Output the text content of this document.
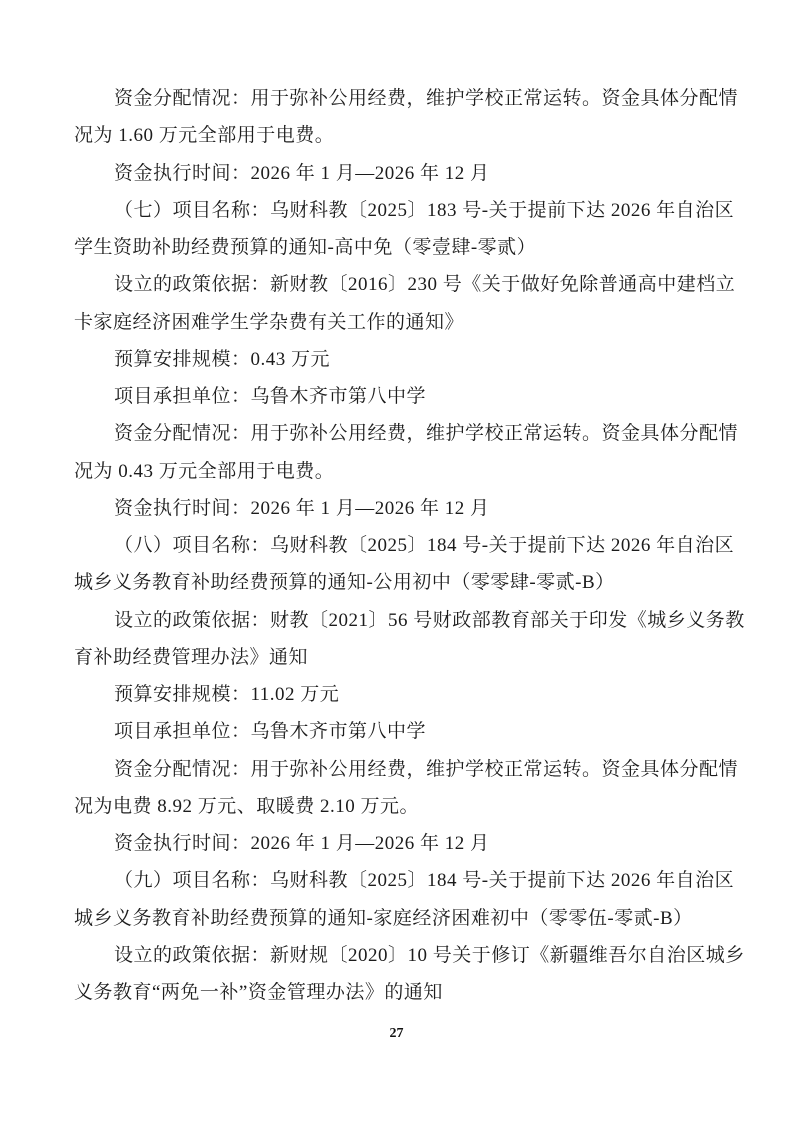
资金分配情况：用于弥补公用经费，维护学校正常运转。资金具体分配情
况为 1.60 万元全部用于电费。
资金执行时间：2026 年 1 月—2026 年 12 月
（七）项目名称：乌财科教〔2025〕183 号-关于提前下达 2026 年自治区
学生资助补助经费预算的通知-高中免（零壹肆-零贰）
设立的政策依据：新财教〔2016〕230 号《关于做好免除普通高中建档立
卡家庭经济困难学生学杂费有关工作的通知》
预算安排规模：0.43 万元
项目承担单位：乌鲁木齐市第八中学
资金分配情况：用于弥补公用经费，维护学校正常运转。资金具体分配情
况为 0.43 万元全部用于电费。
资金执行时间：2026 年 1 月—2026 年 12 月
（八）项目名称：乌财科教〔2025〕184 号-关于提前下达 2026 年自治区
城乡义务教育补助经费预算的通知-公用初中（零零肆-零贰-B）
设立的政策依据：财教〔2021〕56 号财政部教育部关于印发《城乡义务教
育补助经费管理办法》通知
预算安排规模：11.02 万元
项目承担单位：乌鲁木齐市第八中学
资金分配情况：用于弥补公用经费，维护学校正常运转。资金具体分配情
况为电费 8.92 万元、取暖费 2.10 万元。
资金执行时间：2026 年 1 月—2026 年 12 月
（九）项目名称：乌财科教〔2025〕184 号-关于提前下达 2026 年自治区
城乡义务教育补助经费预算的通知-家庭经济困难初中（零零伍-零贰-B）
设立的政策依据：新财规〔2020〕10 号关于修订《新疆维吾尔自治区城乡
义务教育“两免一补”资金管理办法》的通知
27
